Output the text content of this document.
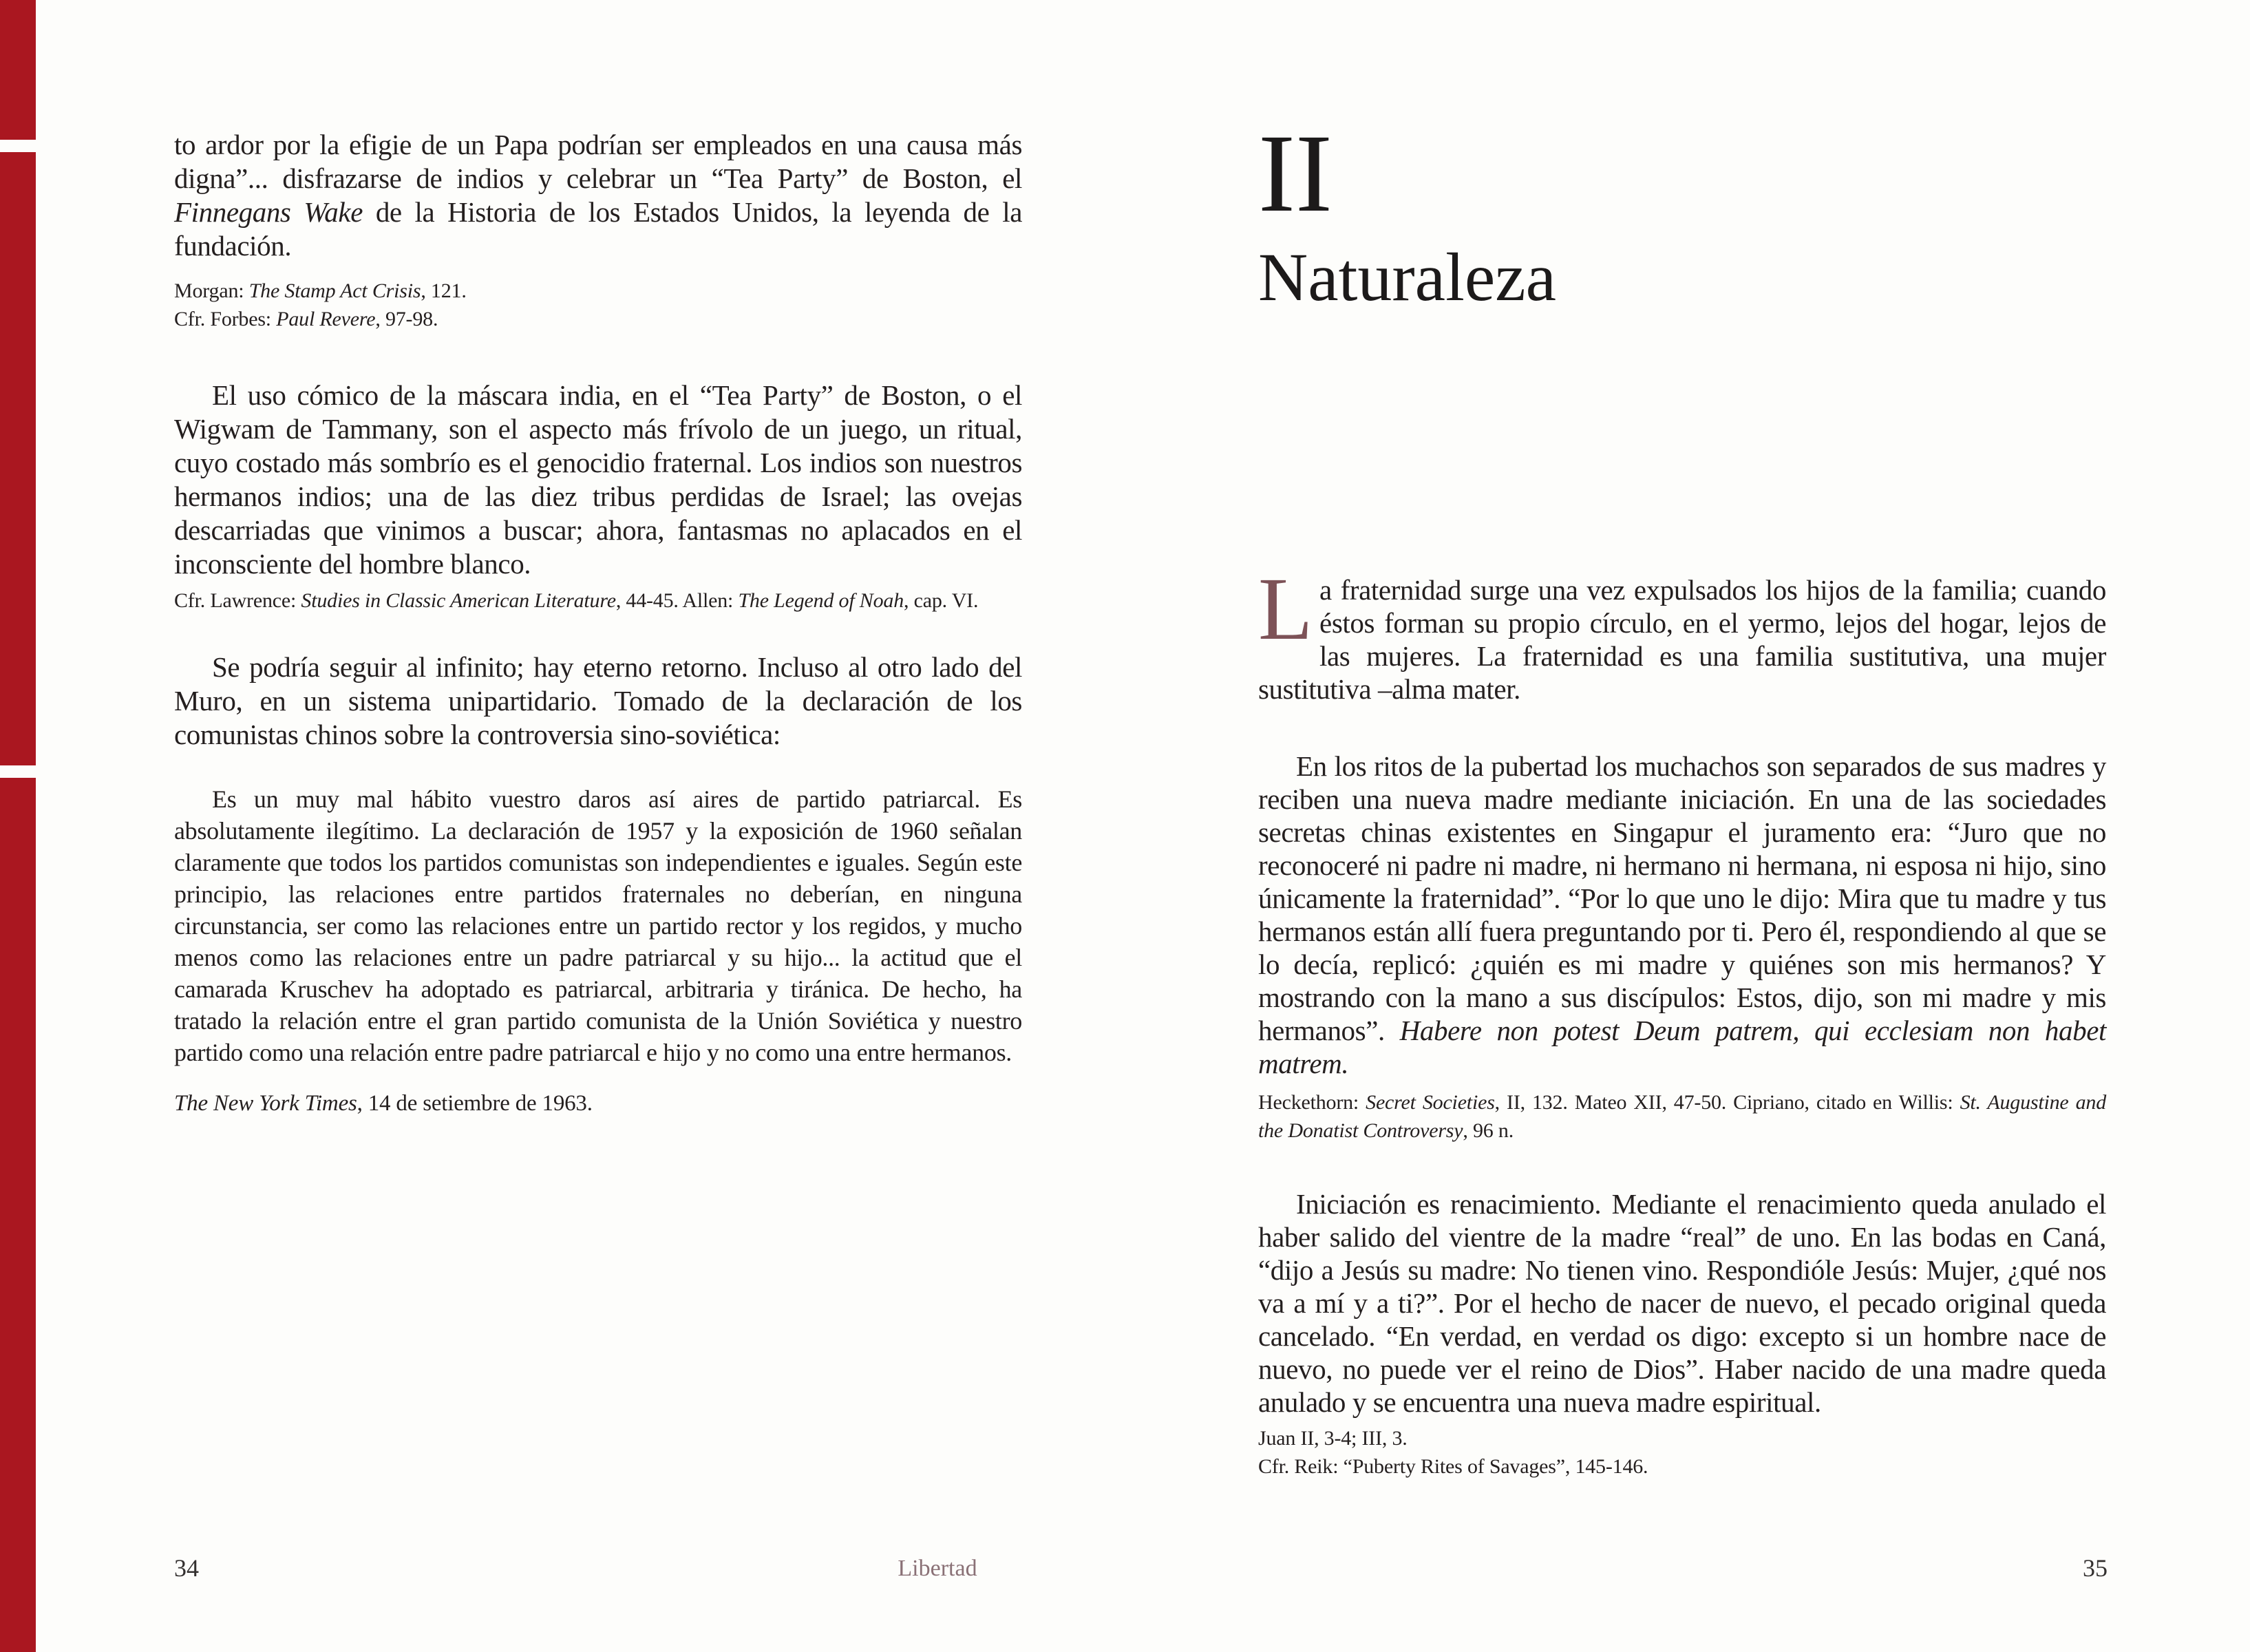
to ardor por la efigie de un Papa podrían ser empleados en una causa más digna”... disfrazarse de indios y celebrar un “Tea Party” de Boston, el Finnegans Wake de la Historia de los Estados Unidos, la leyenda de la fundación.

Morgan: The Stamp Act Crisis, 121.

Cfr. Forbes: Paul Revere, 97-98.

El uso cómico de la máscara india, en el “Tea Party” de Boston, o el Wigwam de Tammany, son el aspecto más frívolo de un juego, un ritual, cuyo costado más sombrío es el genocidio fraternal. Los indios son nuestros hermanos indios; una de las diez tribus perdidas de Israel; las ovejas descarriadas que vinimos a buscar; ahora, fantasmas no aplacados en el inconsciente del hombre blanco.

Cfr. Lawrence: Studies in Classic American Literature, 44-45. Allen: The Legend of Noah, cap. VI.

Se podría seguir al infinito; hay eterno retorno. Incluso al otro lado del Muro, en un sistema unipartidario. Tomado de la declaración de los comunistas chinos sobre la controversia sino-soviética:

Es un muy mal hábito vuestro daros así aires de partido patriarcal. Es absolutamente ilegítimo. La declaración de 1957 y la exposición de 1960 señalan claramente que todos los partidos comunistas son independientes e iguales. Según este principio, las relaciones entre partidos fraternales no deberían, en ninguna circunstancia, ser como las relaciones entre un partido rector y los regidos, y mucho menos como las relaciones entre un padre patriarcal y su hijo... la actitud que el camarada Kruschev ha adoptado es patriarcal, arbitraria y tiránica. De hecho, ha tratado la relación entre el gran partido comunista de la Unión Soviética y nuestro partido como una relación entre padre patriarcal e hijo y no como una entre hermanos.

The New York Times, 14 de setiembre de 1963.

34	Libertad

II

Naturaleza

La fraternidad surge una vez expulsados los hijos de la familia; cuando éstos forman su propio círculo, en el yermo, lejos del hogar, lejos de las mujeres. La fraternidad es una familia sustitutiva, una mujer sustitutiva –alma mater.

En los ritos de la pubertad los muchachos son separados de sus madres y reciben una nueva madre mediante iniciación. En una de las sociedades secretas chinas existentes en Singapur el juramento era: “Juro que no reconoceré ni padre ni madre, ni hermano ni hermana, ni esposa ni hijo, sino únicamente la fraternidad”. “Por lo que uno le dijo: Mira que tu madre y tus hermanos están allí fuera preguntando por ti. Pero él, respondiendo al que se lo decía, replicó: ¿quién es mi madre y quiénes son mis hermanos? Y mostrando con la mano a sus discípulos: Estos, dijo, son mi madre y mis hermanos”. Habere non potest Deum patrem, qui ecclesiam non habet matrem.

Heckethorn: Secret Societies, II, 132. Mateo XII, 47-50. Cipriano, citado en Willis: St. Augustine and the Donatist Controversy, 96 n.

Iniciación es renacimiento. Mediante el renacimiento queda anulado el haber salido del vientre de la madre “real” de uno. En las bodas en Caná, “dijo a Jesús su madre: No tienen vino. Respondióle Jesús: Mujer, ¿qué nos va a mí y a ti?”. Por el hecho de nacer de nuevo, el pecado original queda cancelado. “En verdad, en verdad os digo: excepto si un hombre nace de nuevo, no puede ver el reino de Dios”. Haber nacido de una madre queda anulado y se encuentra una nueva madre espiritual.

Juan II, 3-4; III, 3.

Cfr. Reik: “Puberty Rites of Savages”, 145-146.

35
